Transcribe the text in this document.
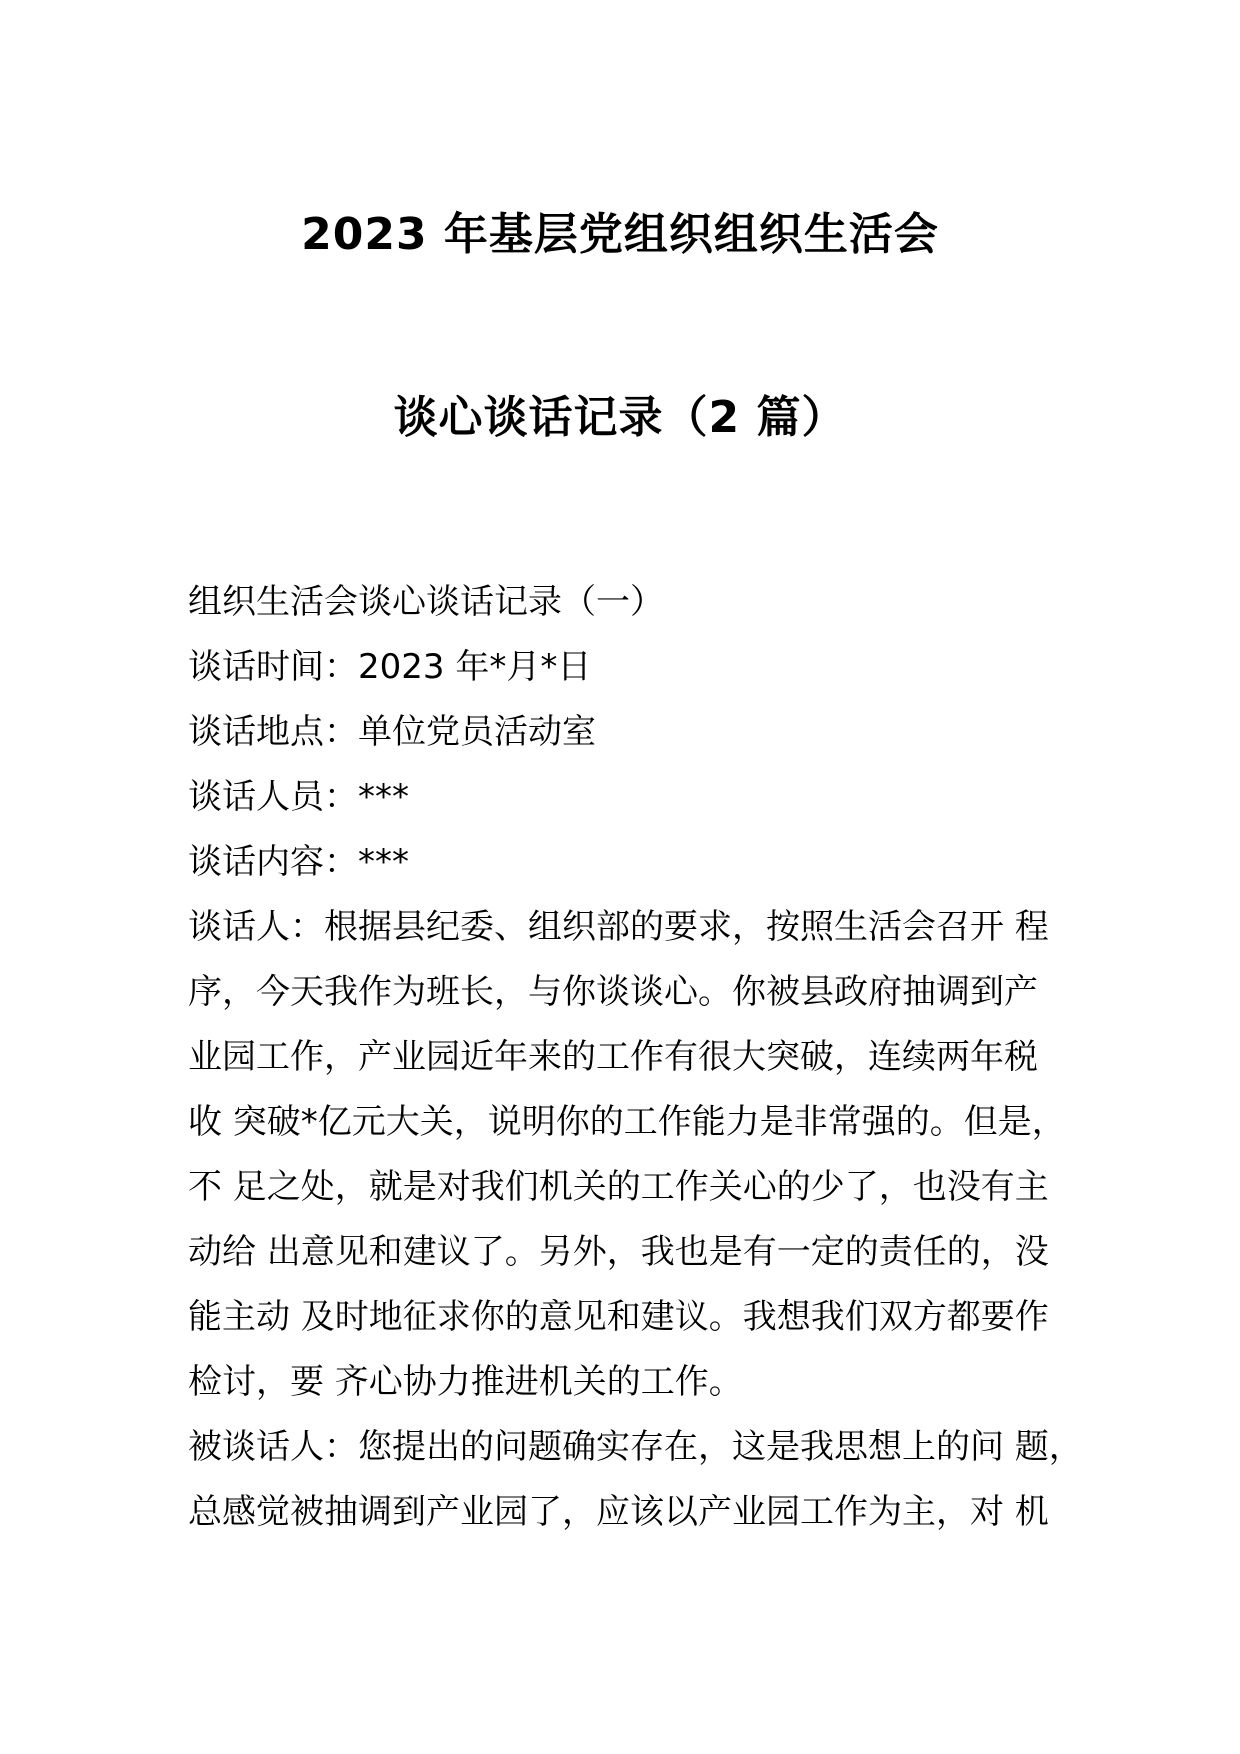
2023 年基层党组织组织生活会
谈心谈话记录（2 篇）
组织生活会谈心谈话记录（一）
谈话时间：2023 年*月*日
谈话地点：单位党员活动室
谈话人员：***
谈话内容：***
谈话人：根据县纪委、组织部的要求，按照生活会召开 程
序，今天我作为班长，与你谈谈心。你被县政府抽调到产
业园工作，产业园近年来的工作有很大突破，连续两年税
收 突破*亿元大关，说明你的工作能力是非常强的。但是，
不 足之处，就是对我们机关的工作关心的少了，也没有主
动给 出意见和建议了。另外，我也是有一定的责任的，没
能主动 及时地征求你的意见和建议。我想我们双方都要作
检讨，要 齐心协力推进机关的工作。
被谈话人：您提出的问题确实存在，这是我思想上的问 题，
总感觉被抽调到产业园了，应该以产业园工作为主，对 机
